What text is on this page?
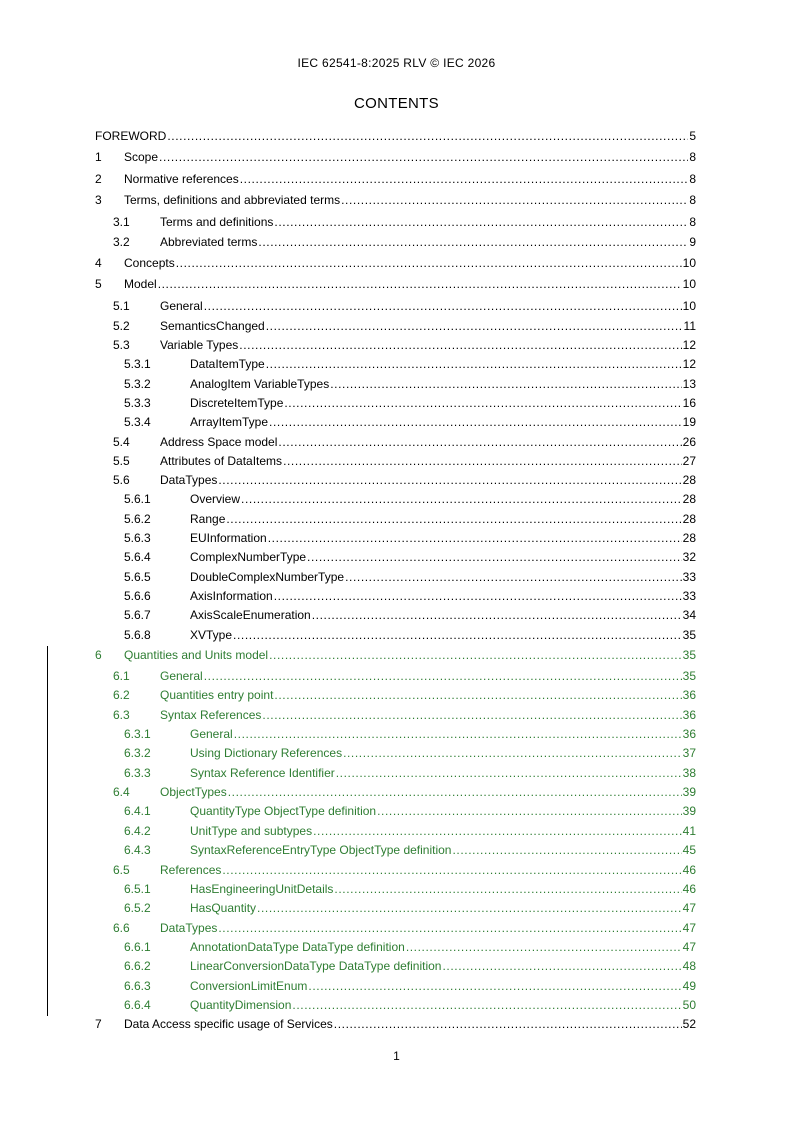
IEC 62541-8:2025 RLV © IEC 2026
CONTENTS
FOREWORD .....	5
1 Scope .....	8
2 Normative references .....	8
3 Terms, definitions and abbreviated terms .....	8
3.1	Terms and definitions .....	8
3.2	Abbreviated terms .....	9
4 Concepts .....	10
5 Model .....	10
5.1	General .....	10
5.2	SemanticsChanged .....	11
5.3	Variable Types .....	12
5.3.1	DataItemType .....	12
5.3.2	AnalogItem VariableTypes .....	13
5.3.3	DiscreteItemType .....	16
5.3.4	ArrayItemType .....	19
5.4	Address Space model .....	26
5.5	Attributes of DataItems .....	27
5.6	DataTypes .....	28
5.6.1	Overview .....	28
5.6.2	Range .....	28
5.6.3	EUInformation .....	28
5.6.4	ComplexNumberType .....	32
5.6.5	DoubleComplexNumberType .....	33
5.6.6	AxisInformation .....	33
5.6.7	AxisScaleEnumeration .....	34
5.6.8	XVType .....	35
6 Quantities and Units model .....	35
6.1	General .....	35
6.2	Quantities entry point .....	36
6.3	Syntax References .....	36
6.3.1	General .....	36
6.3.2	Using Dictionary References .....	37
6.3.3	Syntax Reference Identifier .....	38
6.4	ObjectTypes .....	39
6.4.1	QuantityType ObjectType definition .....	39
6.4.2	UnitType and subtypes .....	41
6.4.3	SyntaxReferenceEntryType ObjectType definition .....	45
6.5	References .....	46
6.5.1	HasEngineeringUnitDetails .....	46
6.5.2	HasQuantity .....	47
6.6	DataTypes .....	47
6.6.1	AnnotationDataType DataType definition .....	47
6.6.2	LinearConversionDataType DataType definition .....	48
6.6.3	ConversionLimitEnum .....	49
6.6.4	QuantityDimension .....	50
7 Data Access specific usage of Services .....	52
1
